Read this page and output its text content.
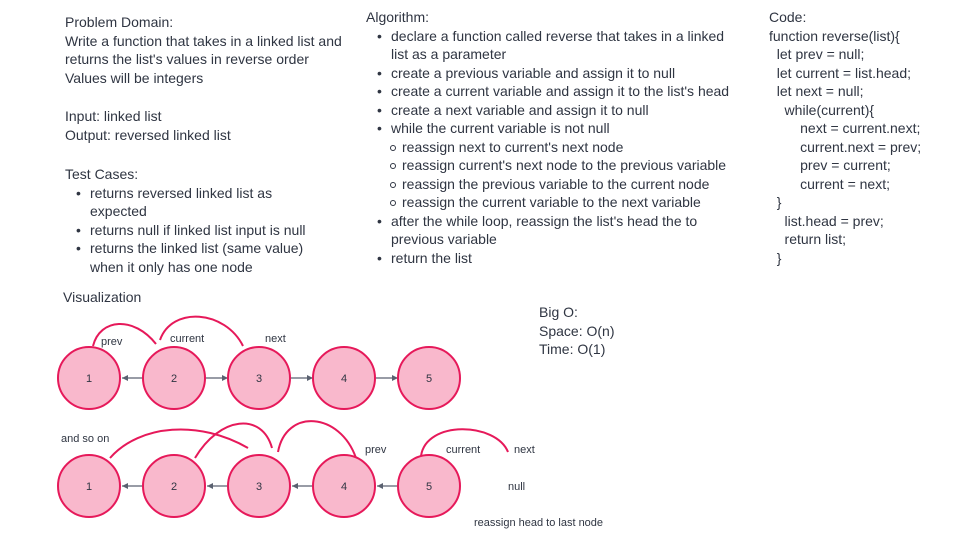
Problem Domain:

Write a function that takes in a linked list and

returns the list's values in reverse order

Values will be integers

Input: linked list

Output: reversed linked list

Test Cases:

• returns reversed linked list as expected
• returns null if linked list input is null
• returns the linked list (same value) when it only has one node

Algorithm:

• declare a function called reverse that takes in a linked list as a parameter
• create a previous variable and assign it to null
• create a current variable and assign it to the list's head
• create a next variable and assign it to null
• while the current variable is not null
reassign next to current's next node
reassign current's next node to the previous variable
reassign the previous variable to the current node
reassign the current variable to the next variable
• after the while loop, reassign the list's head the to previous variable
• return the list

Code:

function reverse(list){

let prev = null;

let current = list.head;

let next = null;

while(current){

next = current.next;

current.next = prev;

prev = current;

current = next;

}

list.head = prev;

return list;

}

Big O:

Space: O(n)

Time: O(1)

Visualization
and so on
null
reassign head to last node
prev	current	next
1	2	3	4	5
prev	current	next
1	2	3	4	5
